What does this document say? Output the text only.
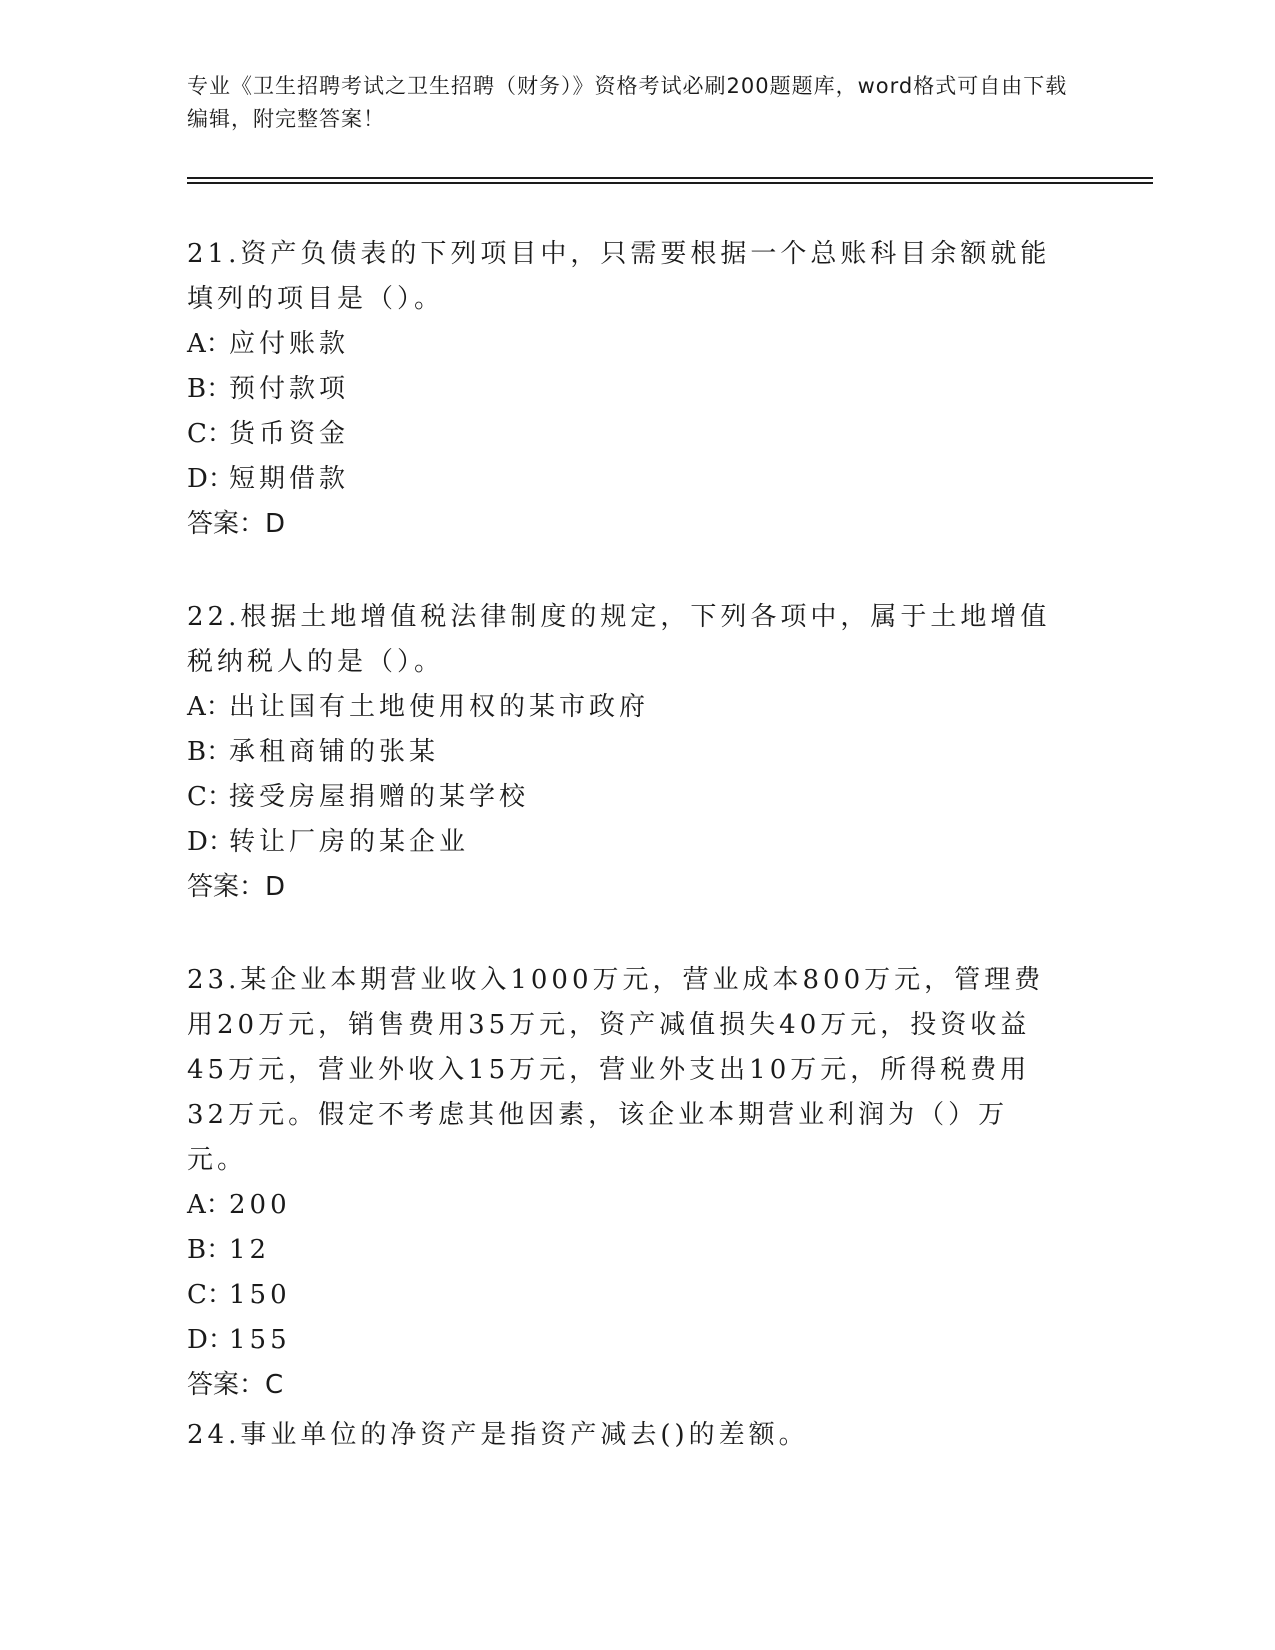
专业《卫生招聘考试之卫生招聘（财务）》资格考试必刷200题题库，word格式可自由下载编辑，附完整答案！
21.资产负债表的下列项目中，只需要根据一个总账科目余额就能填列的项目是（）。
A：应付账款
B：预付款项
C：货币资金
D：短期借款
答案：D
22.根据土地增值税法律制度的规定，下列各项中，属于土地增值税纳税人的是（）。
A：出让国有土地使用权的某市政府
B：承租商铺的张某
C：接受房屋捐赠的某学校
D：转让厂房的某企业
答案：D
23.某企业本期营业收入1000万元，营业成本800万元，管理费用20万元，销售费用35万元，资产减值损失40万元，投资收益45万元，营业外收入15万元，营业外支出10万元，所得税费用32万元。假定不考虑其他因素，该企业本期营业利润为（）万元。
A：200
B：12
C：150
D：155
答案：C
24.事业单位的净资产是指资产减去()的差额。
